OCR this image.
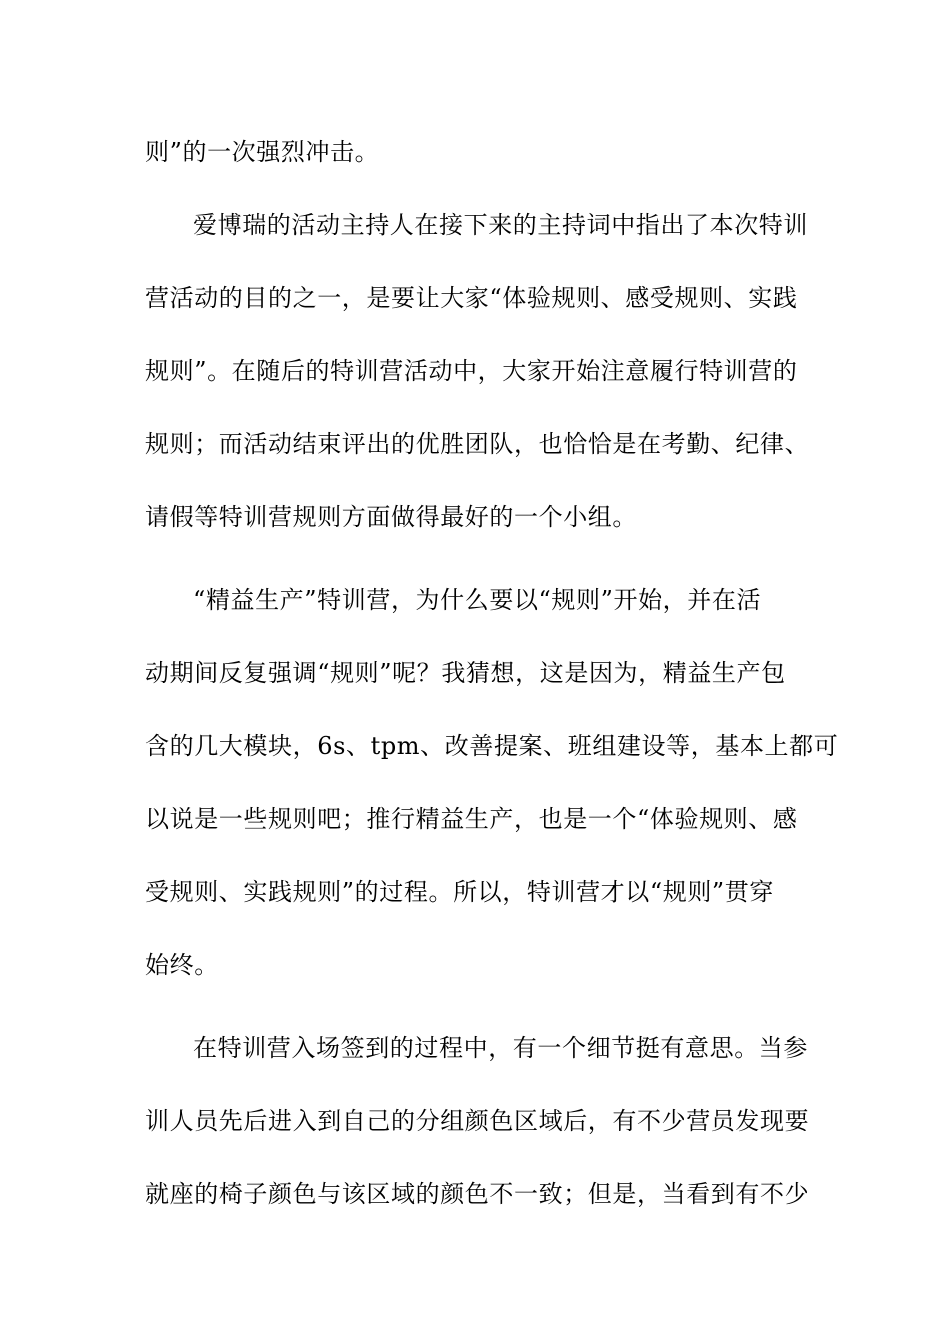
则”的一次强烈冲击。
爱博瑞的活动主持人在接下来的主持词中指出了本次特训
营活动的目的之一，是要让大家“体验规则、感受规则、实践
规则”。在随后的特训营活动中，大家开始注意履行特训营的
规则；而活动结束评出的优胜团队，也恰恰是在考勤、纪律、
请假等特训营规则方面做得最好的一个小组。
“精益生产”特训营，为什么要以“规则”开始，并在活
动期间反复强调“规则”呢？我猜想，这是因为，精益生产包
含的几大模块，6s、tpm、改善提案、班组建设等，基本上都可
以说是一些规则吧；推行精益生产，也是一个“体验规则、感
受规则、实践规则”的过程。所以，特训营才以“规则”贯穿
始终。
在特训营入场签到的过程中，有一个细节挺有意思。当参
训人员先后进入到自己的分组颜色区域后，有不少营员发现要
就座的椅子颜色与该区域的颜色不一致；但是，当看到有不少
